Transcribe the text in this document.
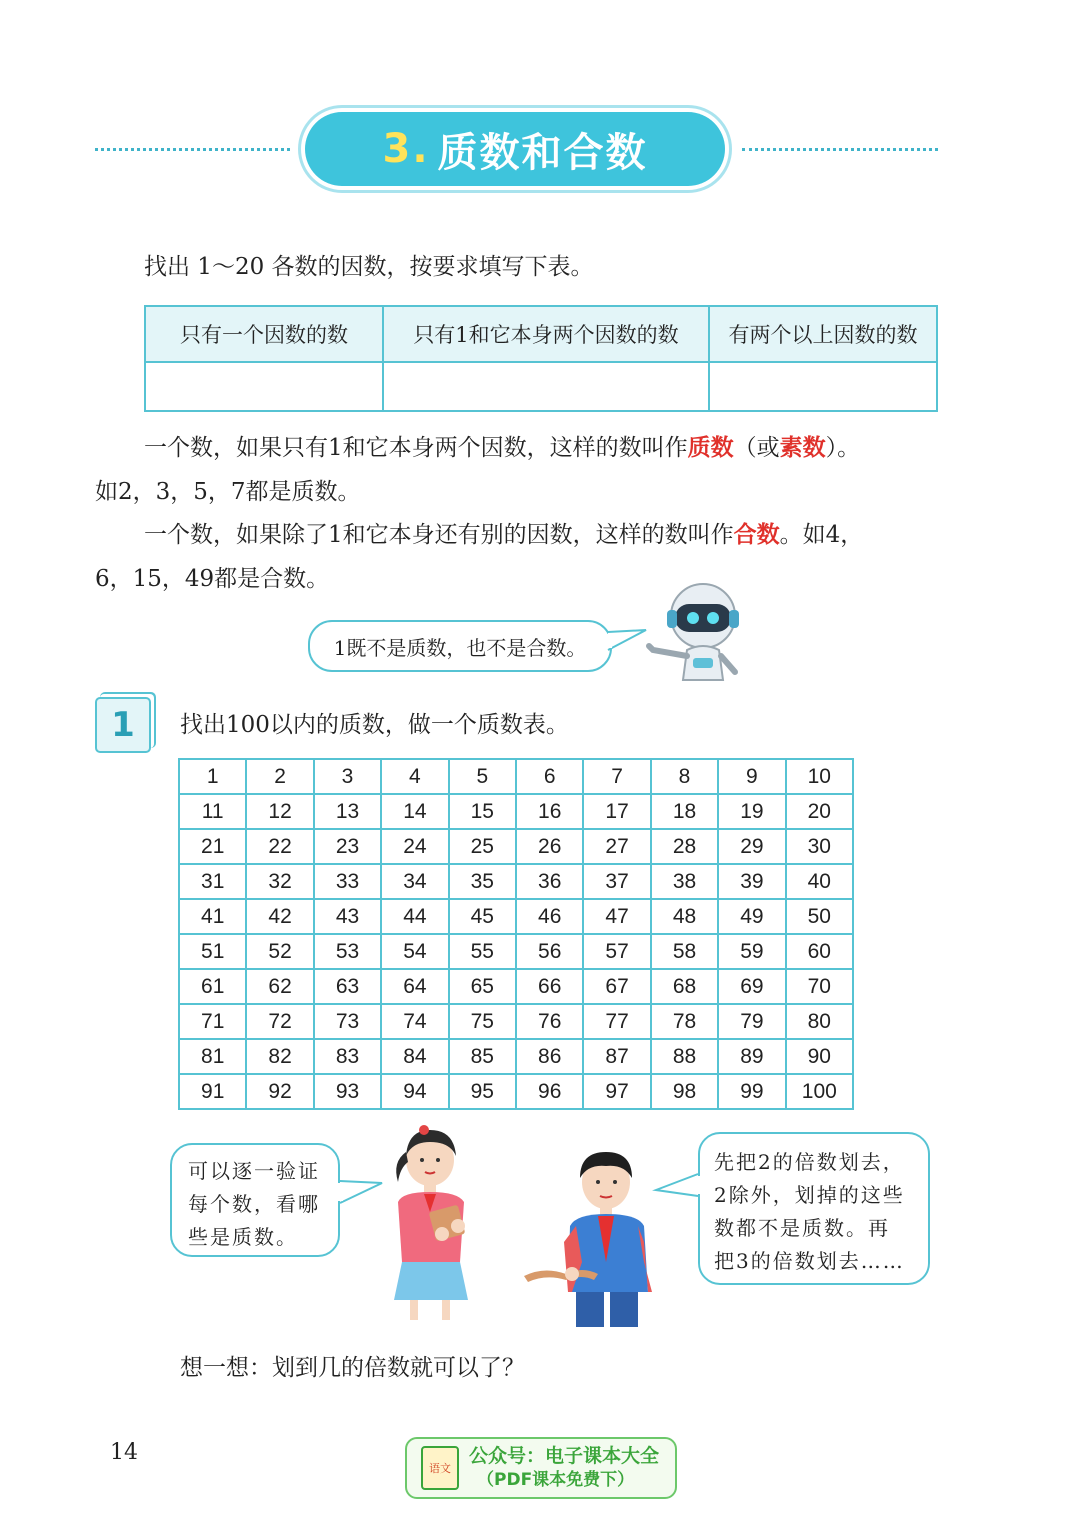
3. 质数和合数
找出 1～20 各数的因数，按要求填写下表。
只有一个因数的数	只有1和它本身两个因数的数	有两个以上因数的数

一个数，如果只有1和它本身两个因数，这样的数叫作质数（或素数）。
如2，3，5，7都是质数。
一个数，如果除了1和它本身还有别的因数，这样的数叫作合数。如4，
6，15，49都是合数。
1既不是质数，也不是合数。
1 找出100以内的质数，做一个质数表。
1	2	3	4	5	6	7	8	9	10
11	12	13	14	15	16	17	18	19	20
21	22	23	24	25	26	27	28	29	30
31	32	33	34	35	36	37	38	39	40
41	42	43	44	45	46	47	48	49	50
51	52	53	54	55	56	57	58	59	60
61	62	63	64	65	66	67	68	69	70
71	72	73	74	75	76	77	78	79	80
81	82	83	84	85	86	87	88	89	90
91	92	93	94	95	96	97	98	99	100
可以逐一验证
每个数，看哪
些是质数。
先把2的倍数划去，
2除外，划掉的这些
数都不是质数。再
把3的倍数划去……
想一想：划到几的倍数就可以了？
14
语文
公众号：电子课本大全
（PDF课本免费下）
